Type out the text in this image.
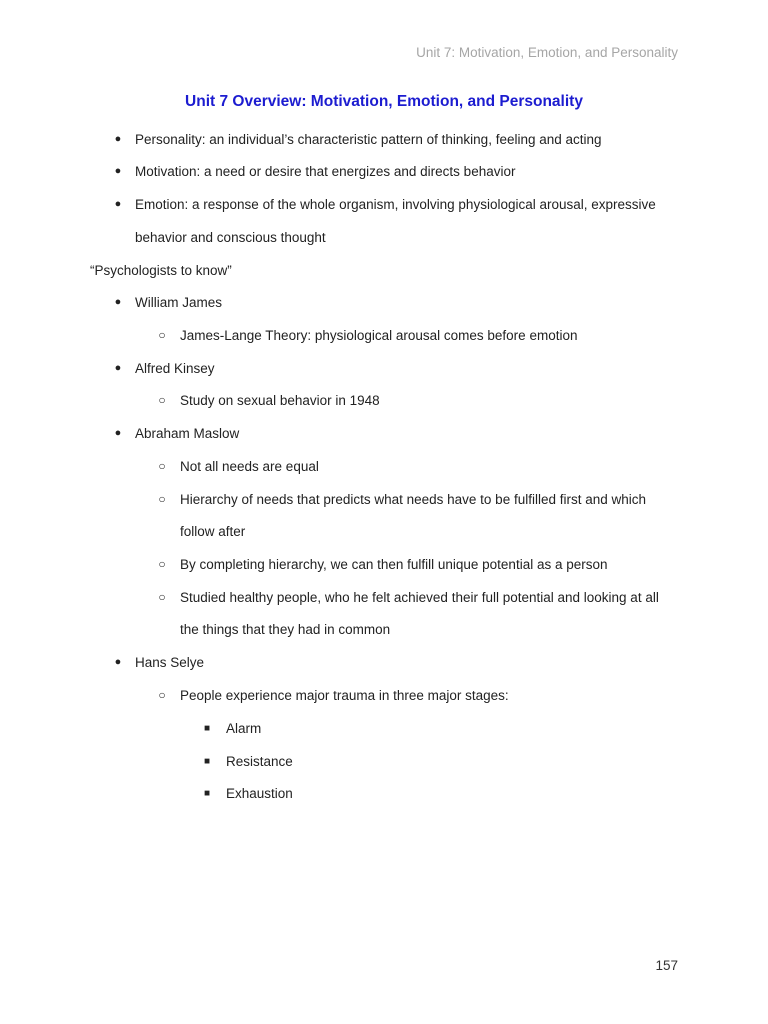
Unit 7: Motivation, Emotion, and Personality
Unit 7 Overview: Motivation, Emotion, and Personality
● Personality: an individual’s characteristic pattern of thinking, feeling and acting
● Motivation: a need or desire that energizes and directs behavior
● Emotion: a response of the whole organism, involving physiological arousal, expressive
behavior and conscious thought
“Psychologists to know”
● William James
○ James-Lange Theory: physiological arousal comes before emotion
● Alfred Kinsey
○ Study on sexual behavior in 1948
● Abraham Maslow
○ Not all needs are equal
○ Hierarchy of needs that predicts what needs have to be fulfilled first and which
follow after
○ By completing hierarchy, we can then fulfill unique potential as a person
○ Studied healthy people, who he felt achieved their full potential and looking at all
the things that they had in common
● Hans Selye
○ People experience major trauma in three major stages:
■ Alarm
■ Resistance
■ Exhaustion
157
